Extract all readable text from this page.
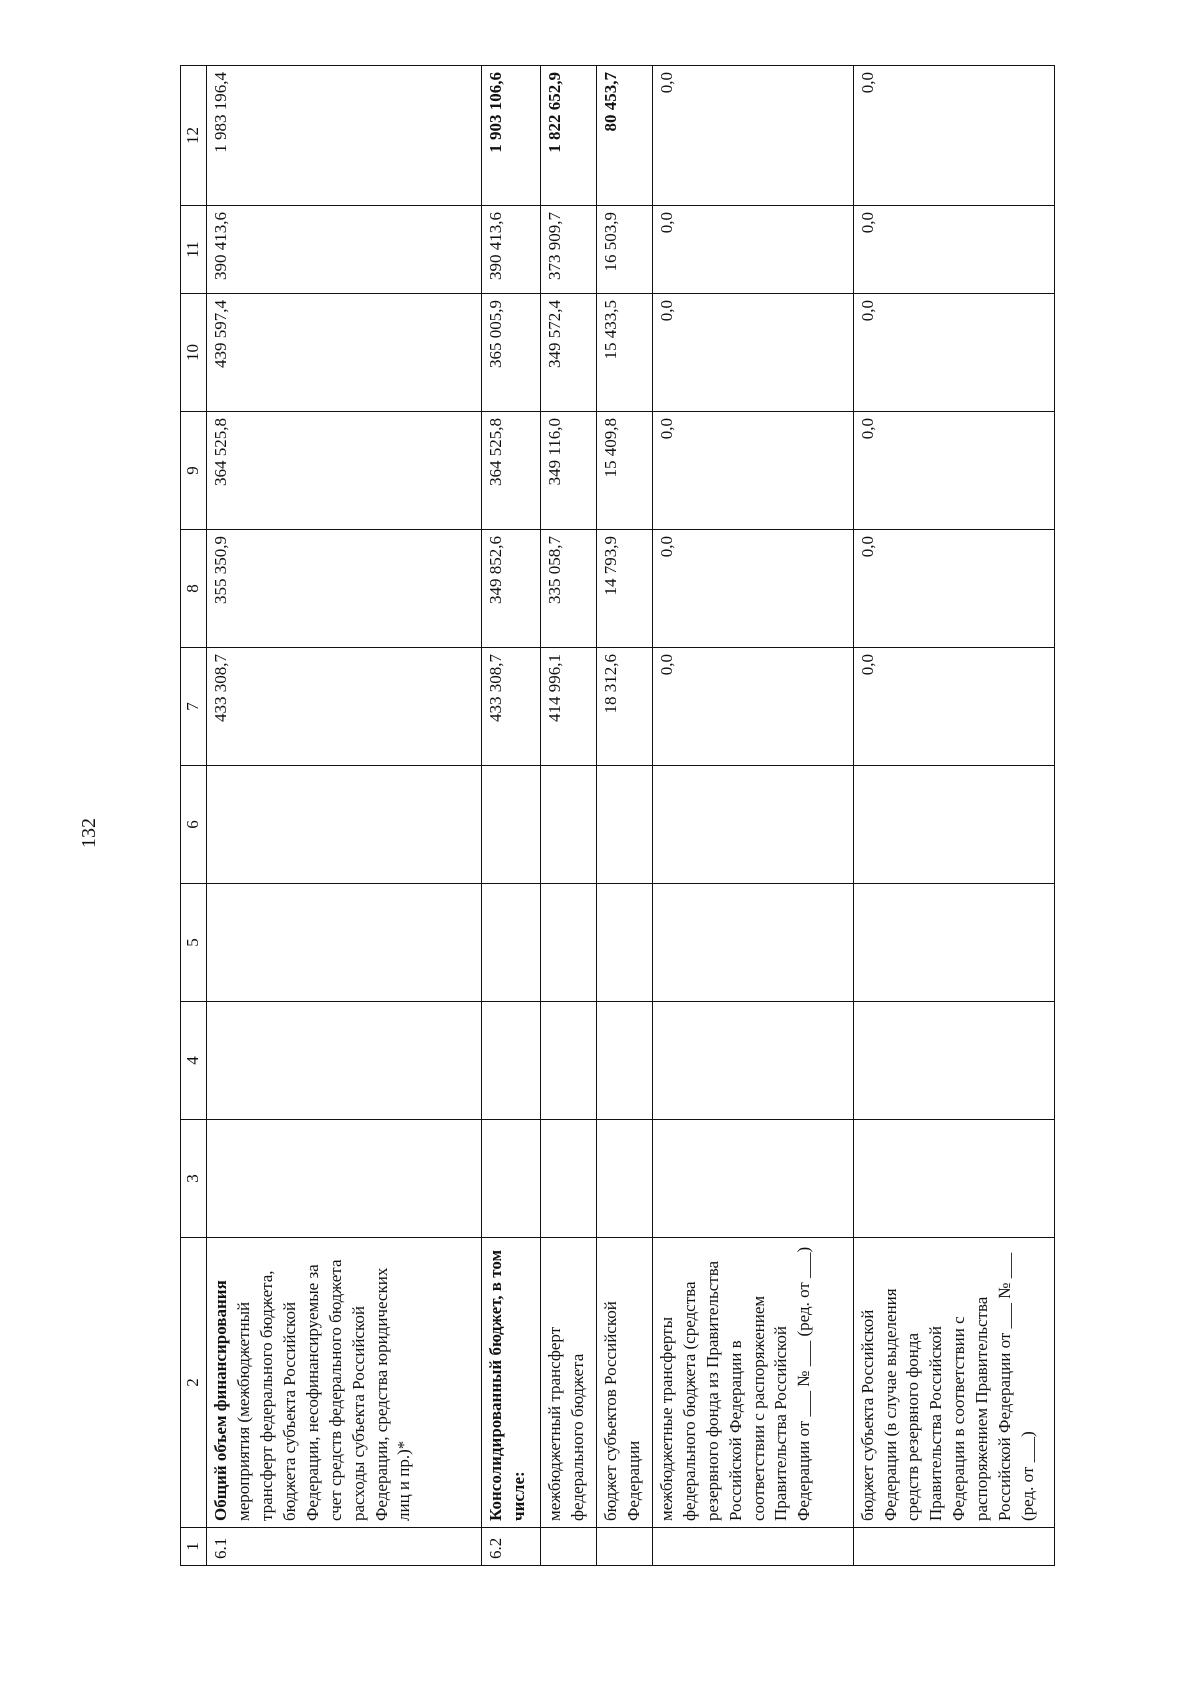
132
1	2	3	4	5	6	7	8	9	10	11	12
6.1	Общий объем финансирования мероприятия (межбюджетный трансферт федерального бюджета, бюджета субъекта Российской Федерации, несофинансируемые за счет средств федерального бюджета расходы субъекта Российской Федерации, средства юридических лиц и пр.)*					433 308,7	355 350,9	364 525,8	439 597,4	390 413,6	1 983 196,4
6.2	Консолидированный бюджет, в том числе:					433 308,7	349 852,6	364 525,8	365 005,9	390 413,6	1 903 106,6
	межбюджетный трансферт федерального бюджета					414 996,1	335 058,7	349 116,0	349 572,4	373 909,7	1 822 652,9
	бюджет субъектов Российской Федерации					18 312,6	14 793,9	15 409,8	15 433,5	16 503,9	80 453,7
	межбюджетные трансферты федерального бюджета (средства резервного фонда из Правительства Российской Федерации в соответствии с распоряжением Правительства Российской Федерации от ___ № ___ (ред. от ___)					0,0	0,0	0,0	0,0	0,0	0,0
	бюджет субъекта Российской Федерации (в случае выделения средств резервного фонда Правительства Российской Федерации в соответствии с распоряжением Правительства Российской Федерации от ___ № ___ (ред. от ___)					0,0	0,0	0,0	0,0	0,0	0,0
